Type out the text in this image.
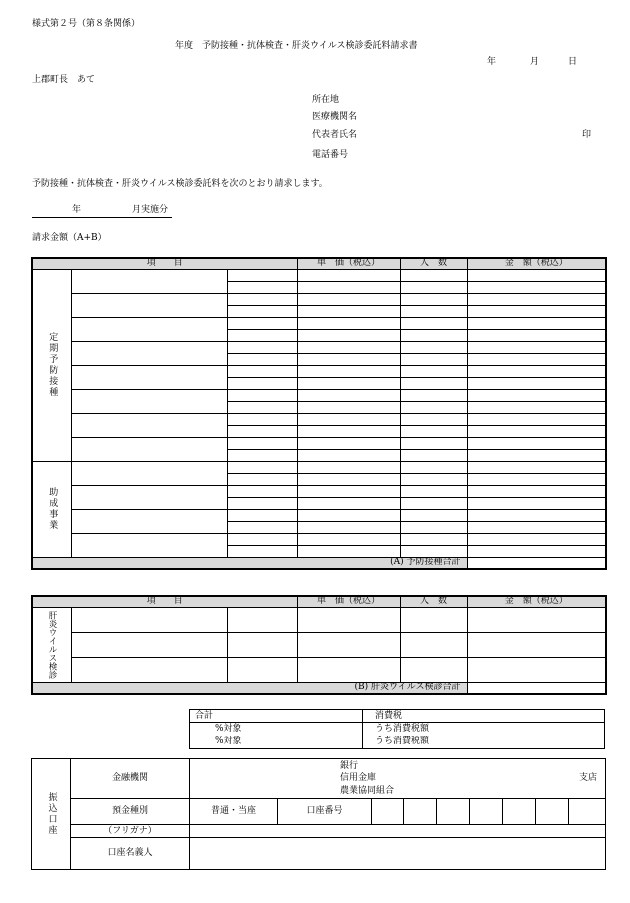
様式第２号（第８条関係）
年度　予防接種・抗体検査・肝炎ウイルス検診委託料請求書
年	月	日
上郡町長　あて
所在地
医療機関名
代表者氏名	印
電話番号
予防接種・抗体検査・肝炎ウイルス検診委託料を次のとおり請求します。
年	月実施分
請求金額（A+B）
項　　目			単　価（税込）	人　数	金　額（税込）
定期予防接種					

助成事業					

(A) 予防接種合計					
項　　目			単　価（税込）	人　数	金　額（税込）
肝炎ウイルス検診					

(B) 肝炎ウイルス検診合計					
合計	消費税
%対象	うち消費税額
%対象	うち消費税額
振込口座	金融機関	銀行
信用金庫
農業協同組合
支店								

	預金種別	普通・当座	口座番号							
	（フリガナ）									
	口座名義人									
